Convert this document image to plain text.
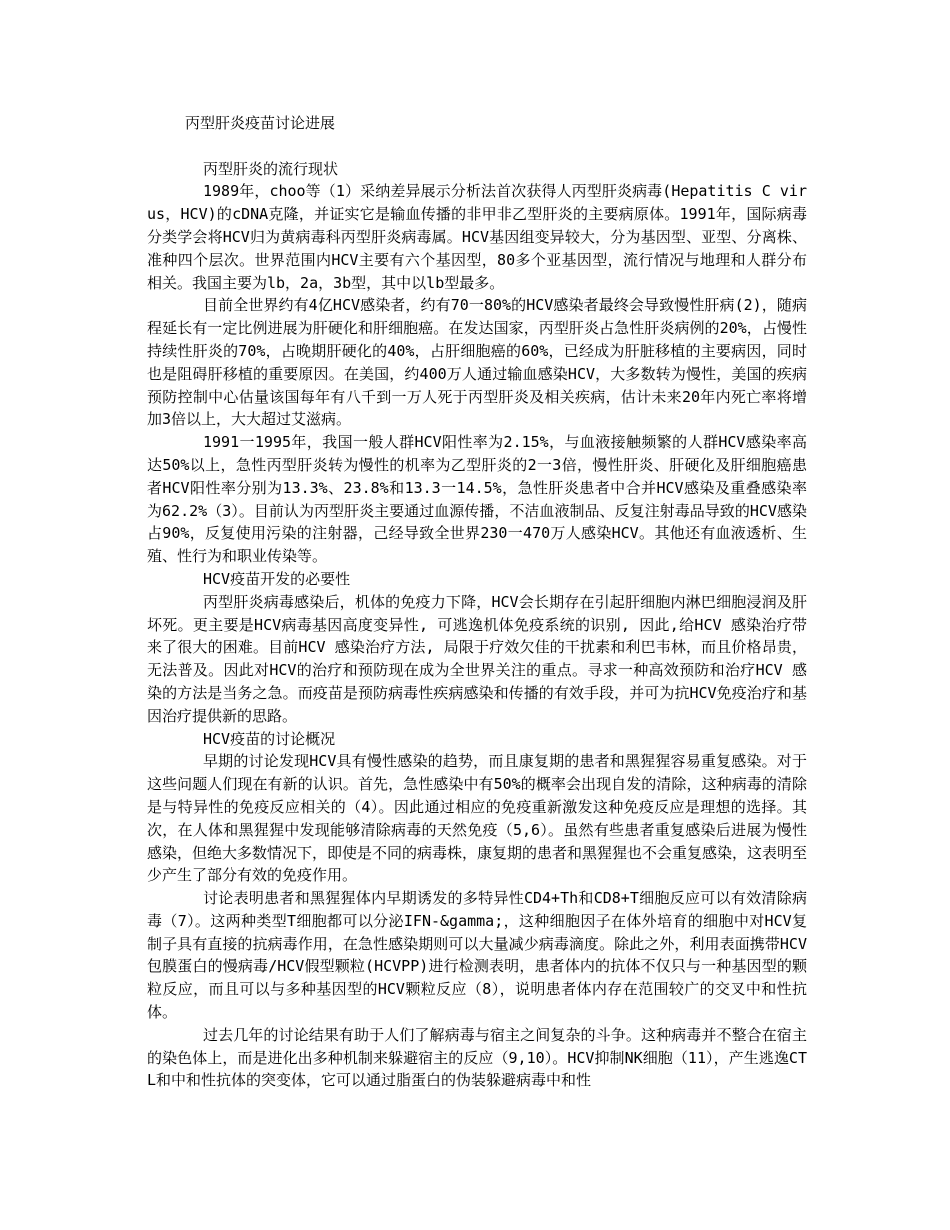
丙型肝炎疫苗讨论进展
丙型肝炎的流行现状

1989年，choo等（1）采纳差异展示分析法首次获得人丙型肝炎病毒(Hepatitis C virus，HCV)的cDNA克隆，并证实它是输血传播的非甲非乙型肝炎的主要病原体。1991年，国际病毒分类学会将HCV归为黄病毒科丙型肝炎病毒属。HCV基因组变异较大，分为基因型、亚型、分离株、准种四个层次。世界范围内HCV主要有六个基因型，80多个亚基因型，流行情况与地理和人群分布相关。我国主要为lb，2a，3b型，其中以lb型最多。

目前全世界约有4亿HCV感染者，约有70一80%的HCV感染者最终会导致慢性肝病(2)，随病程延长有一定比例进展为肝硬化和肝细胞癌。在发达国家，丙型肝炎占急性肝炎病例的20%，占慢性持续性肝炎的70%，占晚期肝硬化的40%，占肝细胞癌的60%，已经成为肝脏移植的主要病因，同时也是阻碍肝移植的重要原因。在美国，约400万人通过输血感染HCV，大多数转为慢性，美国的疾病预防控制中心估量该国每年有八千到一万人死于丙型肝炎及相关疾病，估计未来20年内死亡率将增加3倍以上，大大超过艾滋病。

1991一1995年，我国一般人群HCV阳性率为2.15%，与血液接触频繁的人群HCV感染率高达50%以上，急性丙型肝炎转为慢性的机率为乙型肝炎的2一3倍，慢性肝炎、肝硬化及肝细胞癌患者HCV阳性率分别为13.3%、23.8%和13.3一14.5%，急性肝炎患者中合并HCV感染及重叠感染率为62.2%（3）。目前认为丙型肝炎主要通过血源传播，不洁血液制品、反复注射毒品导致的HCV感染占90%，反复使用污染的注射器，己经导致全世界230一470万人感染HCV。其他还有血液透析、生殖、性行为和职业传染等。

HCV疫苗开发的必要性

丙型肝炎病毒感染后，机体的免疫力下降，HCV会长期存在引起肝细胞内淋巴细胞浸润及肝坏死。更主要是HCV病毒基因高度变异性, 可逃逸机体免疫系统的识别, 因此,给HCV 感染治疗带来了很大的困难。目前HCV 感染治疗方法, 局限于疗效欠佳的干扰素和利巴韦林，而且价格昂贵，无法普及。因此对HCV的治疗和预防现在成为全世界关注的重点。寻求一种高效预防和治疗HCV 感染的方法是当务之急。而疫苗是预防病毒性疾病感染和传播的有效手段，并可为抗HCV免疫治疗和基因治疗提供新的思路。

HCV疫苗的讨论概况

早期的讨论发现HCV具有慢性感染的趋势，而且康复期的患者和黑猩猩容易重复感染。对于这些问题人们现在有新的认识。首先，急性感染中有50%的概率会出现自发的清除，这种病毒的清除是与特异性的免疫反应相关的（4）。因此通过相应的免疫重新激发这种免疫反应是理想的选择。其次，在人体和黑猩猩中发现能够清除病毒的天然免疫（5,6）。虽然有些患者重复感染后进展为慢性感染，但绝大多数情况下，即使是不同的病毒株，康复期的患者和黑猩猩也不会重复感染，这表明至少产生了部分有效的免疫作用。

讨论表明患者和黑猩猩体内早期诱发的多特异性CD4+Th和CD8+T细胞反应可以有效清除病毒（7）。这两种类型T细胞都可以分泌IFN-&gamma;，这种细胞因子在体外培育的细胞中对HCV复制子具有直接的抗病毒作用，在急性感染期则可以大量减少病毒滴度。除此之外，利用表面携带HCV包膜蛋白的慢病毒/HCV假型颗粒(HCVPP)进行检测表明，患者体内的抗体不仅只与一种基因型的颗粒反应，而且可以与多种基因型的HCV颗粒反应（8），说明患者体内存在范围较广的交叉中和性抗体。

过去几年的讨论结果有助于人们了解病毒与宿主之间复杂的斗争。这种病毒并不整合在宿主的染色体上，而是进化出多种机制来躲避宿主的反应（9,10）。HCV抑制NK细胞（11），产生逃逸CTL和中和性抗体的突变体，它可以通过脂蛋白的伪装躲避病毒中和性
